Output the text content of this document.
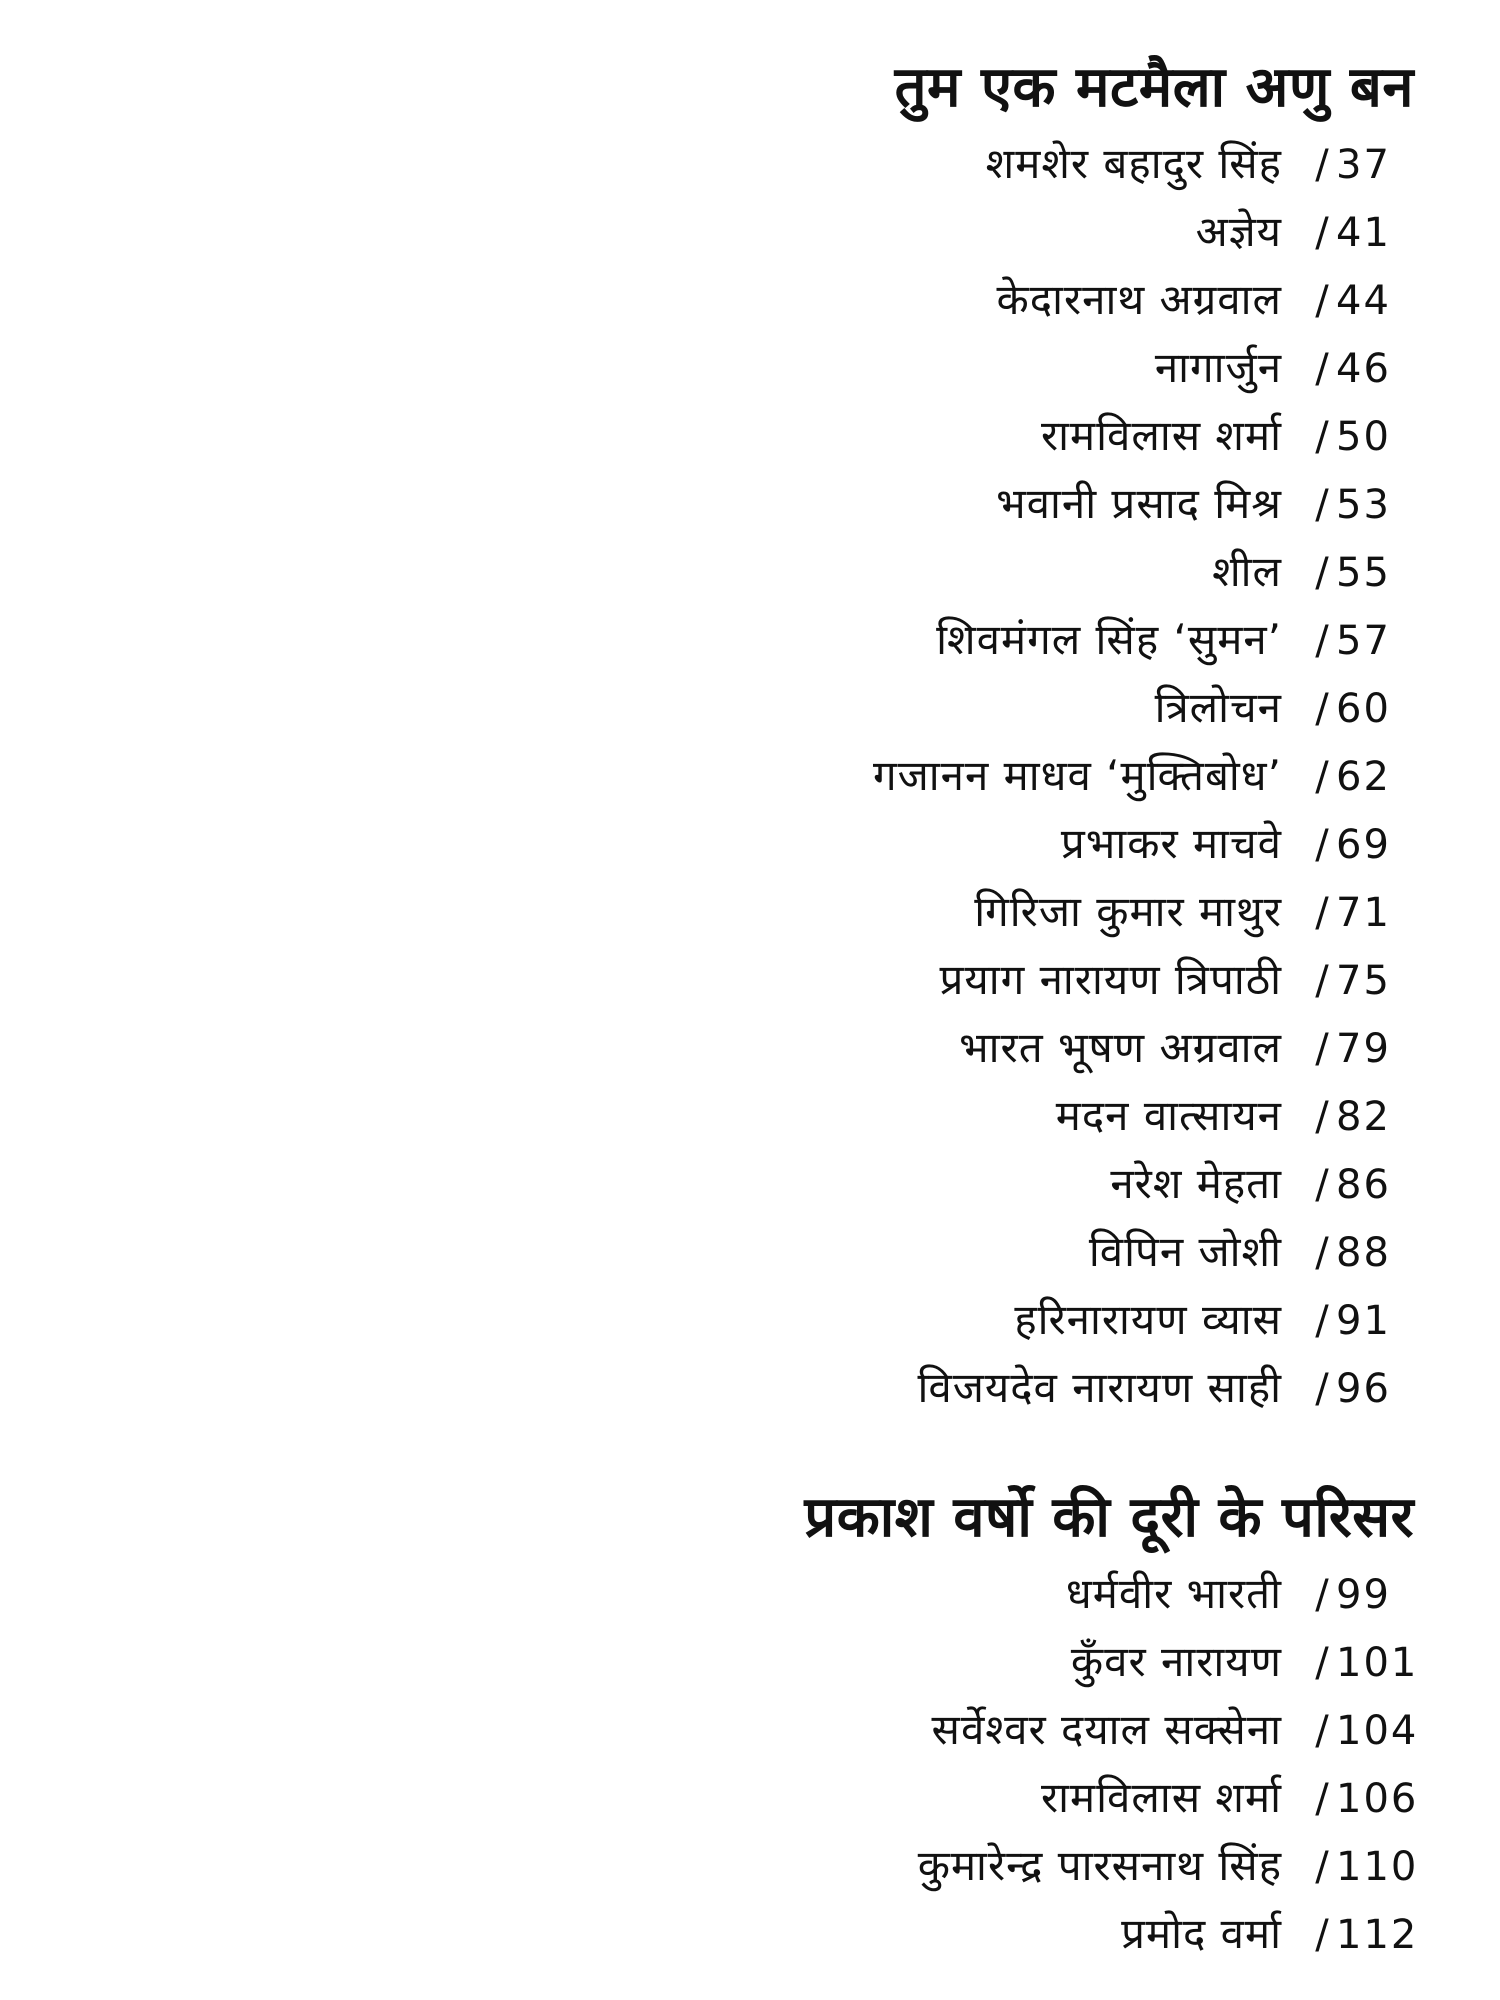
तुम एक मटमैला अणु बन
शमशेर बहादुर सिंह / 37
अज्ञेय / 41
केदारनाथ अग्रवाल / 44
नागार्जुन / 46
रामविलास शर्मा / 50
भवानी प्रसाद मिश्र / 53
शील / 55
शिवमंगल सिंह ‘सुमन’ / 57
त्रिलोचन / 60
गजानन माधव ‘मुक्तिबोध’ / 62
प्रभाकर माचवे / 69
गिरिजा कुमार माथुर / 71
प्रयाग नारायण त्रिपाठी / 75
भारत भूषण अग्रवाल / 79
मदन वात्सायन / 82
नरेश मेहता / 86
विपिन जोशी / 88
हरिनारायण व्यास / 91
विजयदेव नारायण साही / 96
प्रकाश वर्षो की दूरी के परिसर
धर्मवीर भारती / 99
कुँवर नारायण / 101
सर्वेश्वर दयाल सक्सेना / 104
रामविलास शर्मा / 106
कुमारेन्द्र पारसनाथ सिंह / 110
प्रमोद वर्मा / 112
